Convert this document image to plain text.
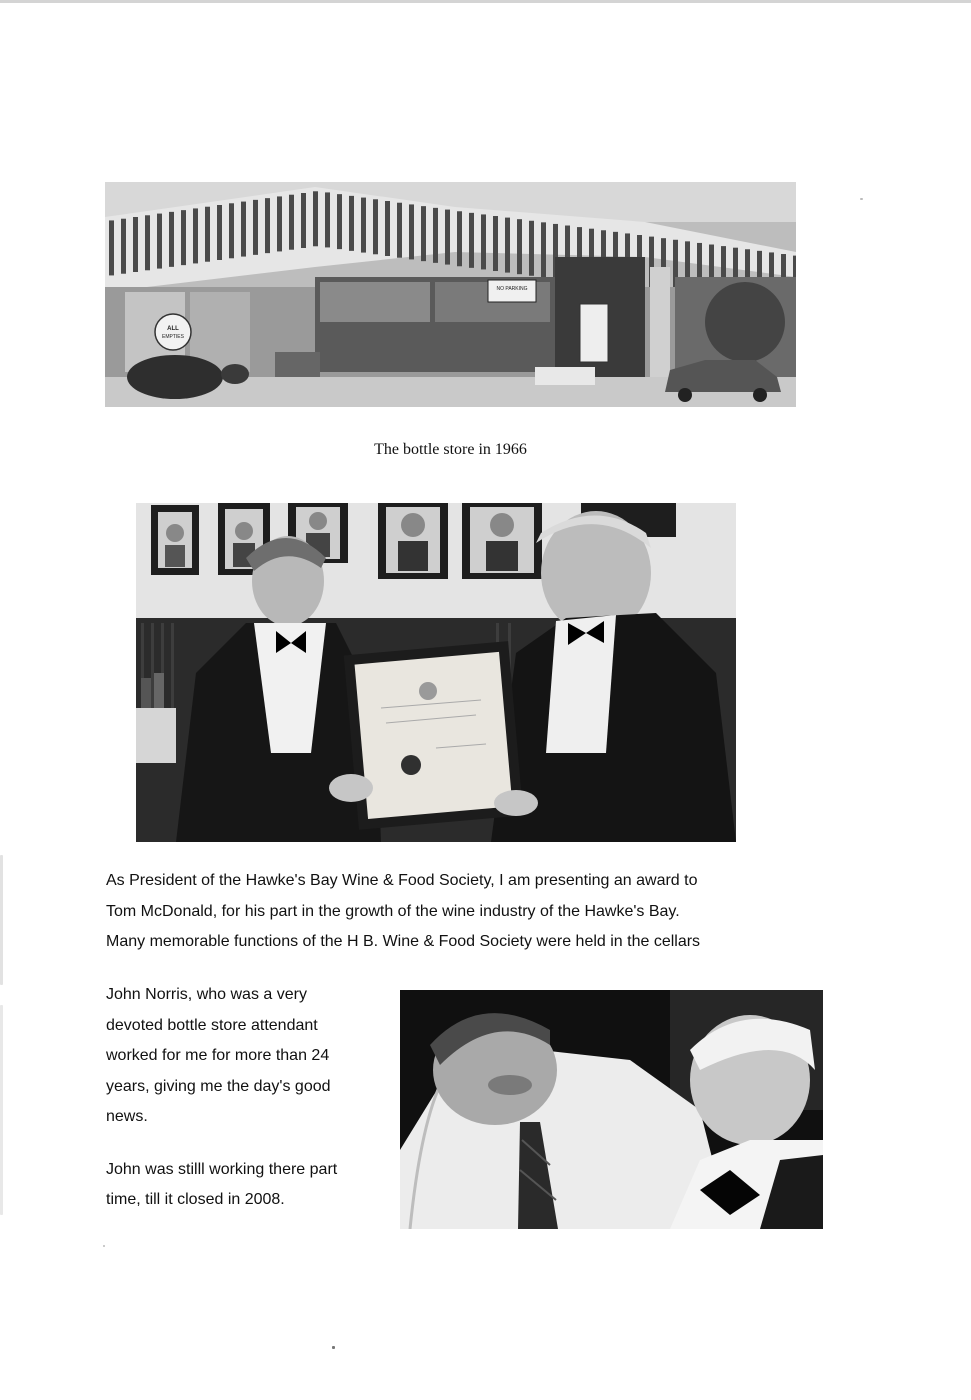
NO PARKING
ALL
EMPTIES
The bottle store in 1966
As President of the Hawke's Bay Wine & Food Society, I am presenting an award to
Tom McDonald, for his part in the growth of the wine industry of the Hawke's Bay.
Many memorable functions of the H B. Wine & Food Society were held in the cellars
John Norris, who was a very
devoted bottle store attendant
worked for me for more than 24
years, giving me the day's good
news.
John was stilll working there part
time, till it closed in 2008.
